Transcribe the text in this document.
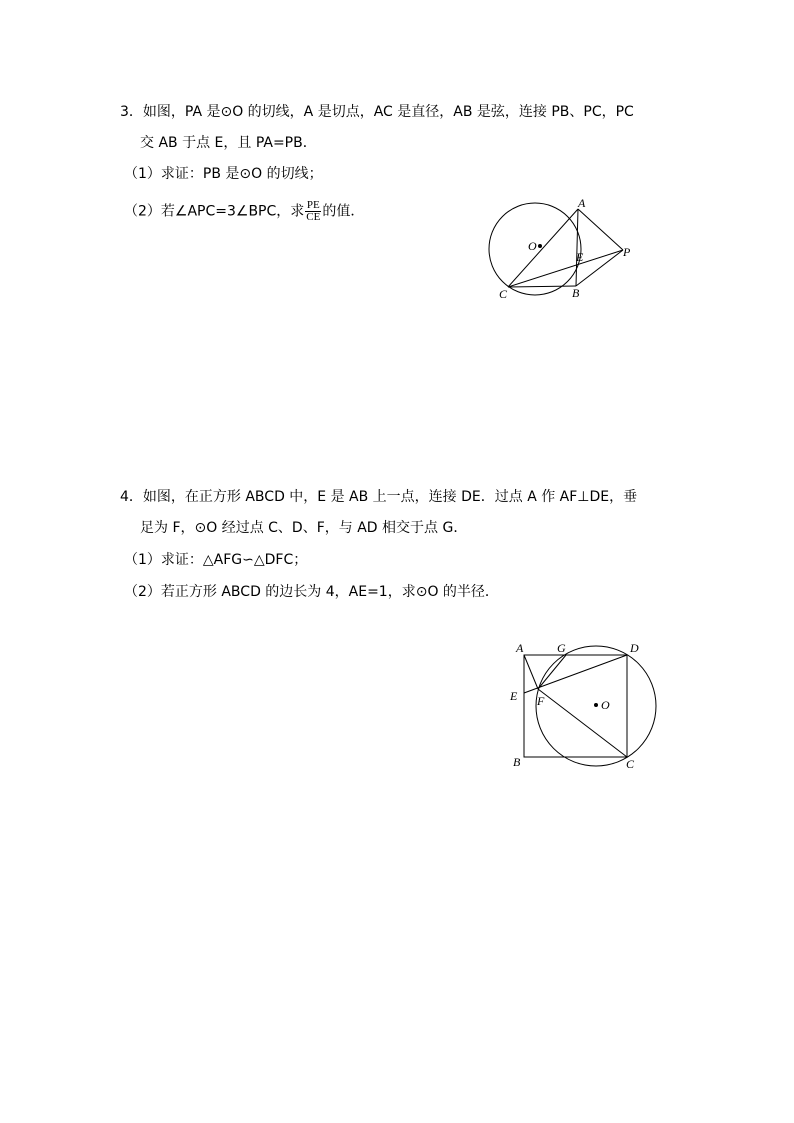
3．如图，PA 是⊙O 的切线，A 是切点，AC 是直径，AB 是弦，连接 PB、PC，PC
交 AB 于点 E，且 PA=PB．
（1）求证：PB 是⊙O 的切线；
（2）若∠APC=3∠BPC，求 $\frac{PE}{CE}$ 的值．
A
O
E	P
C	B
4．如图，在正方形 ABCD 中，E 是 AB 上一点，连接 DE．过点 A 作 AF⊥DE，垂
足为 F，⊙O 经过点 C、D、F，与 AD 相交于点 G．
（1）求证：△AFG∽△DFC；
（2）若正方形 ABCD 的边长为 4，AE=1，求⊙O 的半径．
A	G	D
E F	O
B	C
